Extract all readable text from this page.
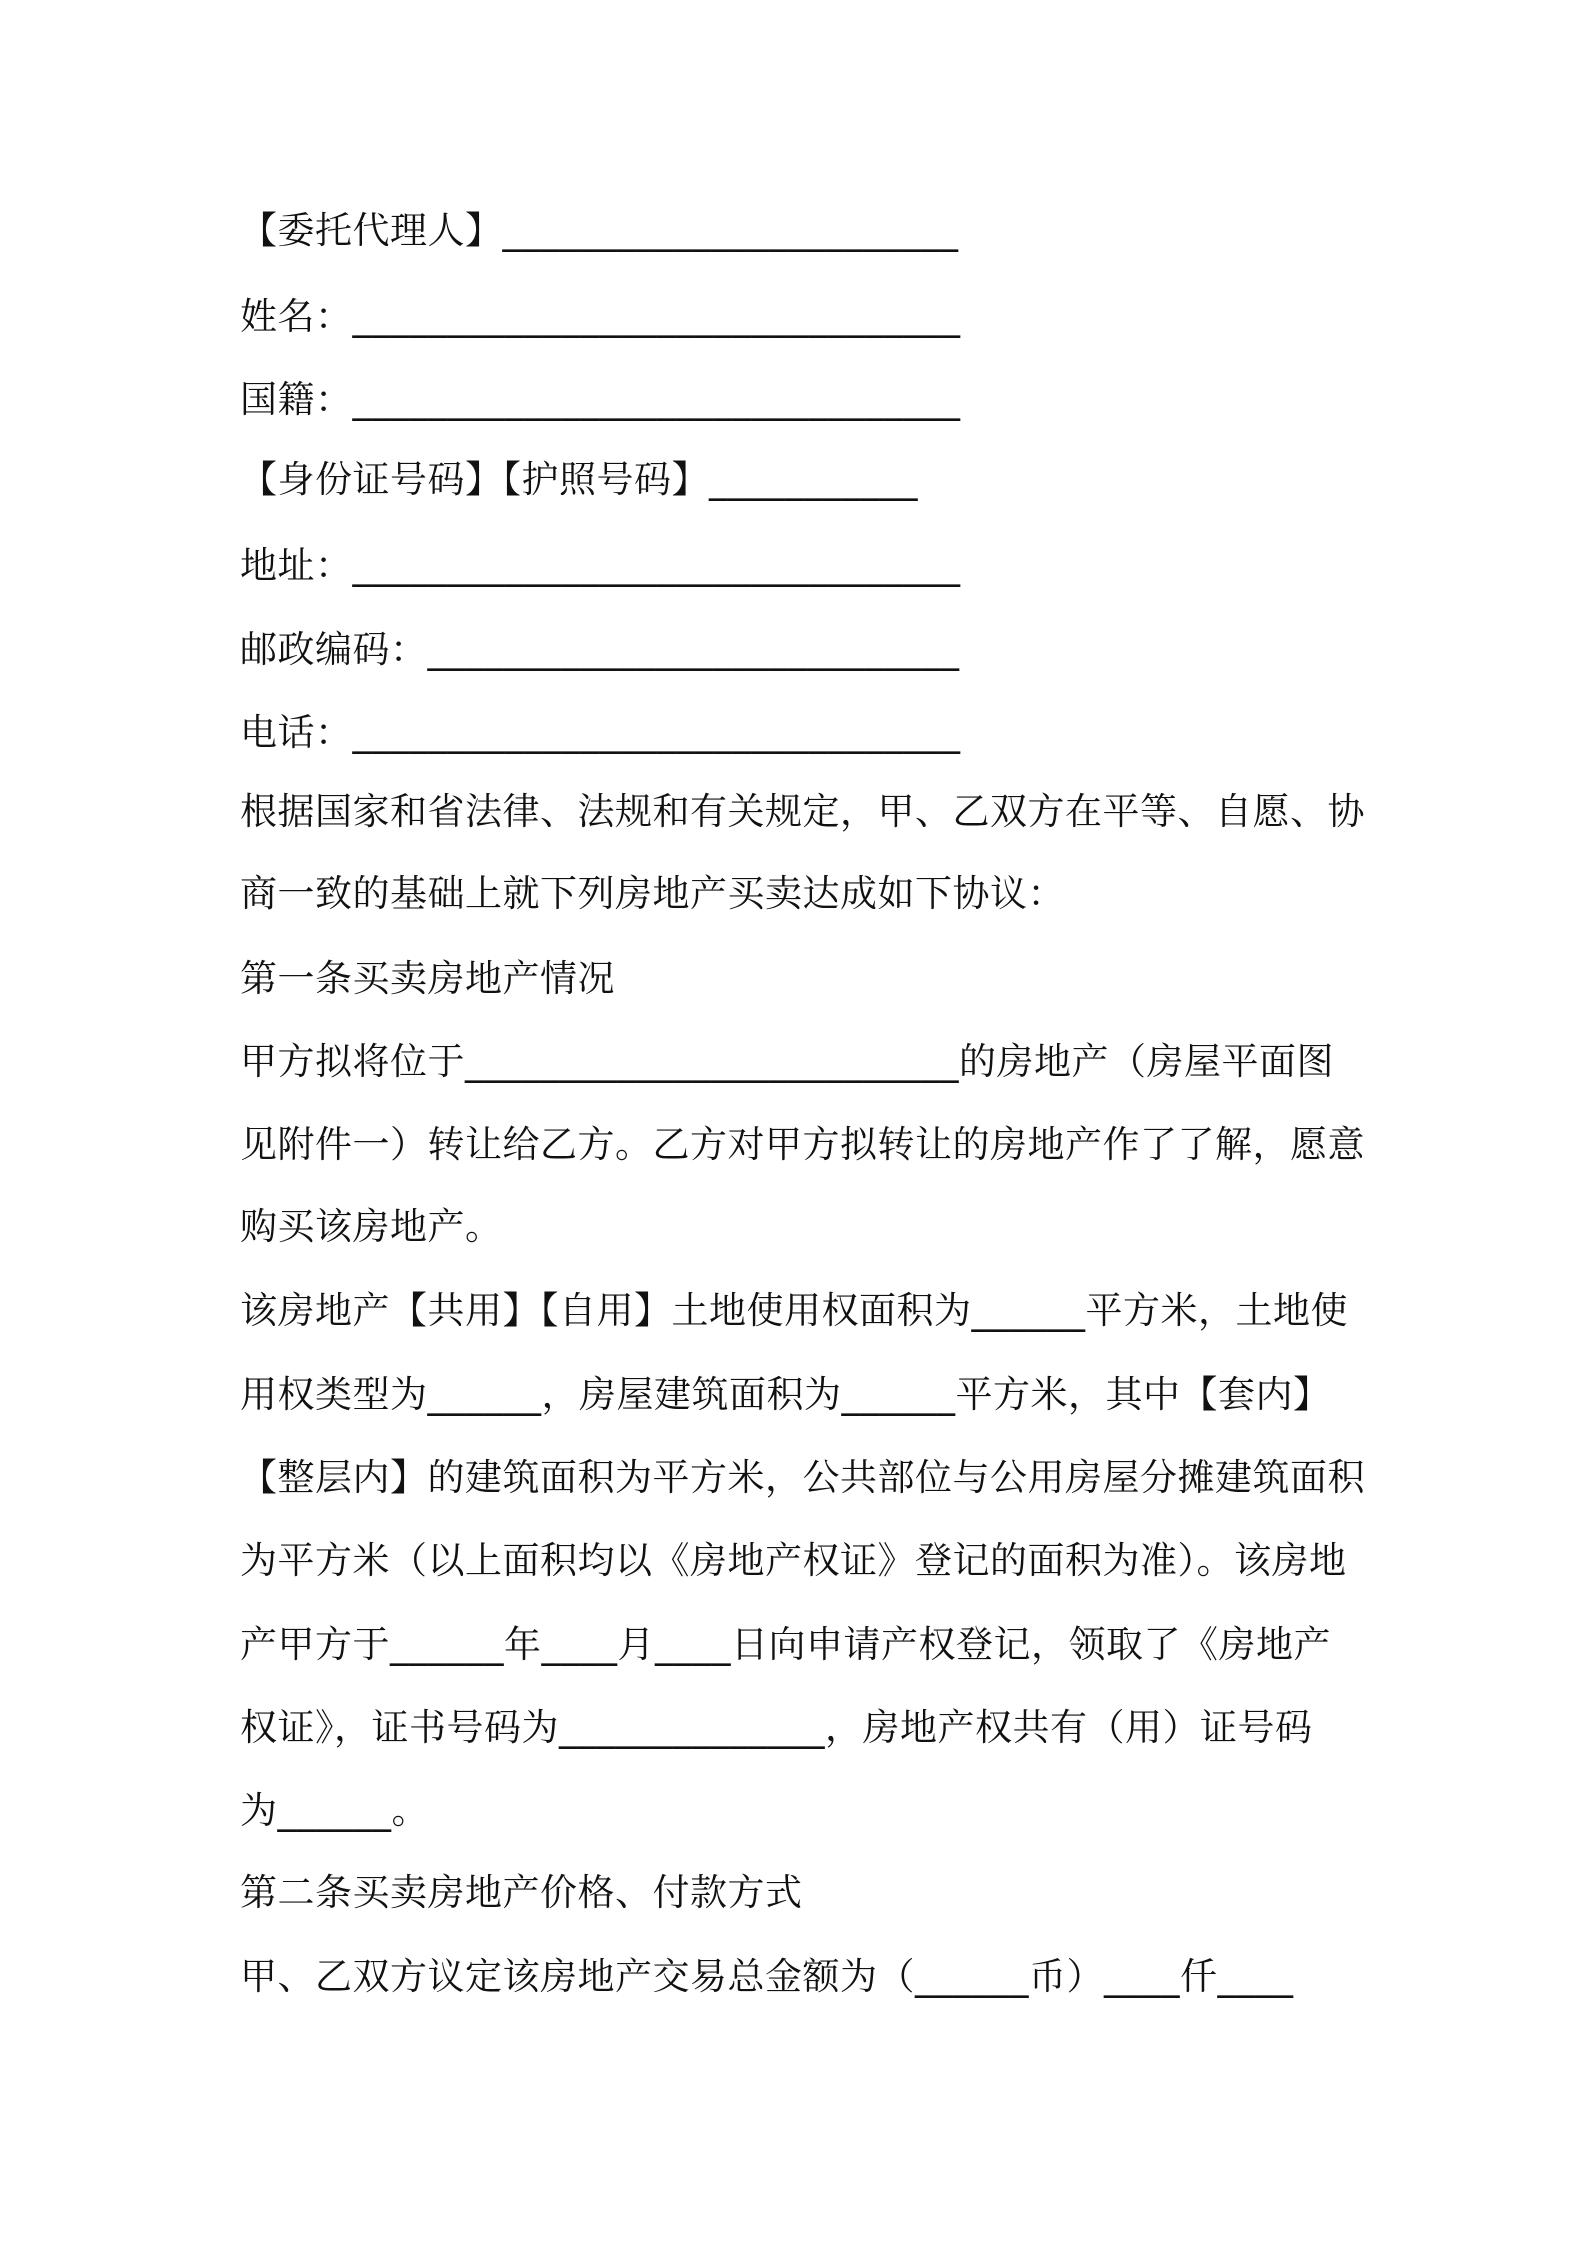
【委托代理人】________________________
姓名：________________________________
国籍：________________________________
【身份证号码】【护照号码】___________
地址：________________________________
邮政编码：____________________________
电话：________________________________
根据国家和省法律、法规和有关规定，甲、乙双方在平等、自愿、协
商一致的基础上就下列房地产买卖达成如下协议：
第一条买卖房地产情况
甲方拟将位于__________________________的房地产（房屋平面图
见附件一）转让给乙方。乙方对甲方拟转让的房地产作了了解，愿意
购买该房地产。
该房地产【共用】【自用】土地使用权面积为______平方米，土地使
用权类型为______，房屋建筑面积为______平方米，其中【套内】
【整层内】的建筑面积为平方米，公共部位与公用房屋分摊建筑面积
为平方米（以上面积均以《房地产权证》登记的面积为准）。该房地
产甲方于______年____月____日向申请产权登记，领取了《房地产
权证》，证书号码为______________，房地产权共有（用）证号码
为______。
第二条买卖房地产价格、付款方式
甲、乙双方议定该房地产交易总金额为（______币）____仟____
